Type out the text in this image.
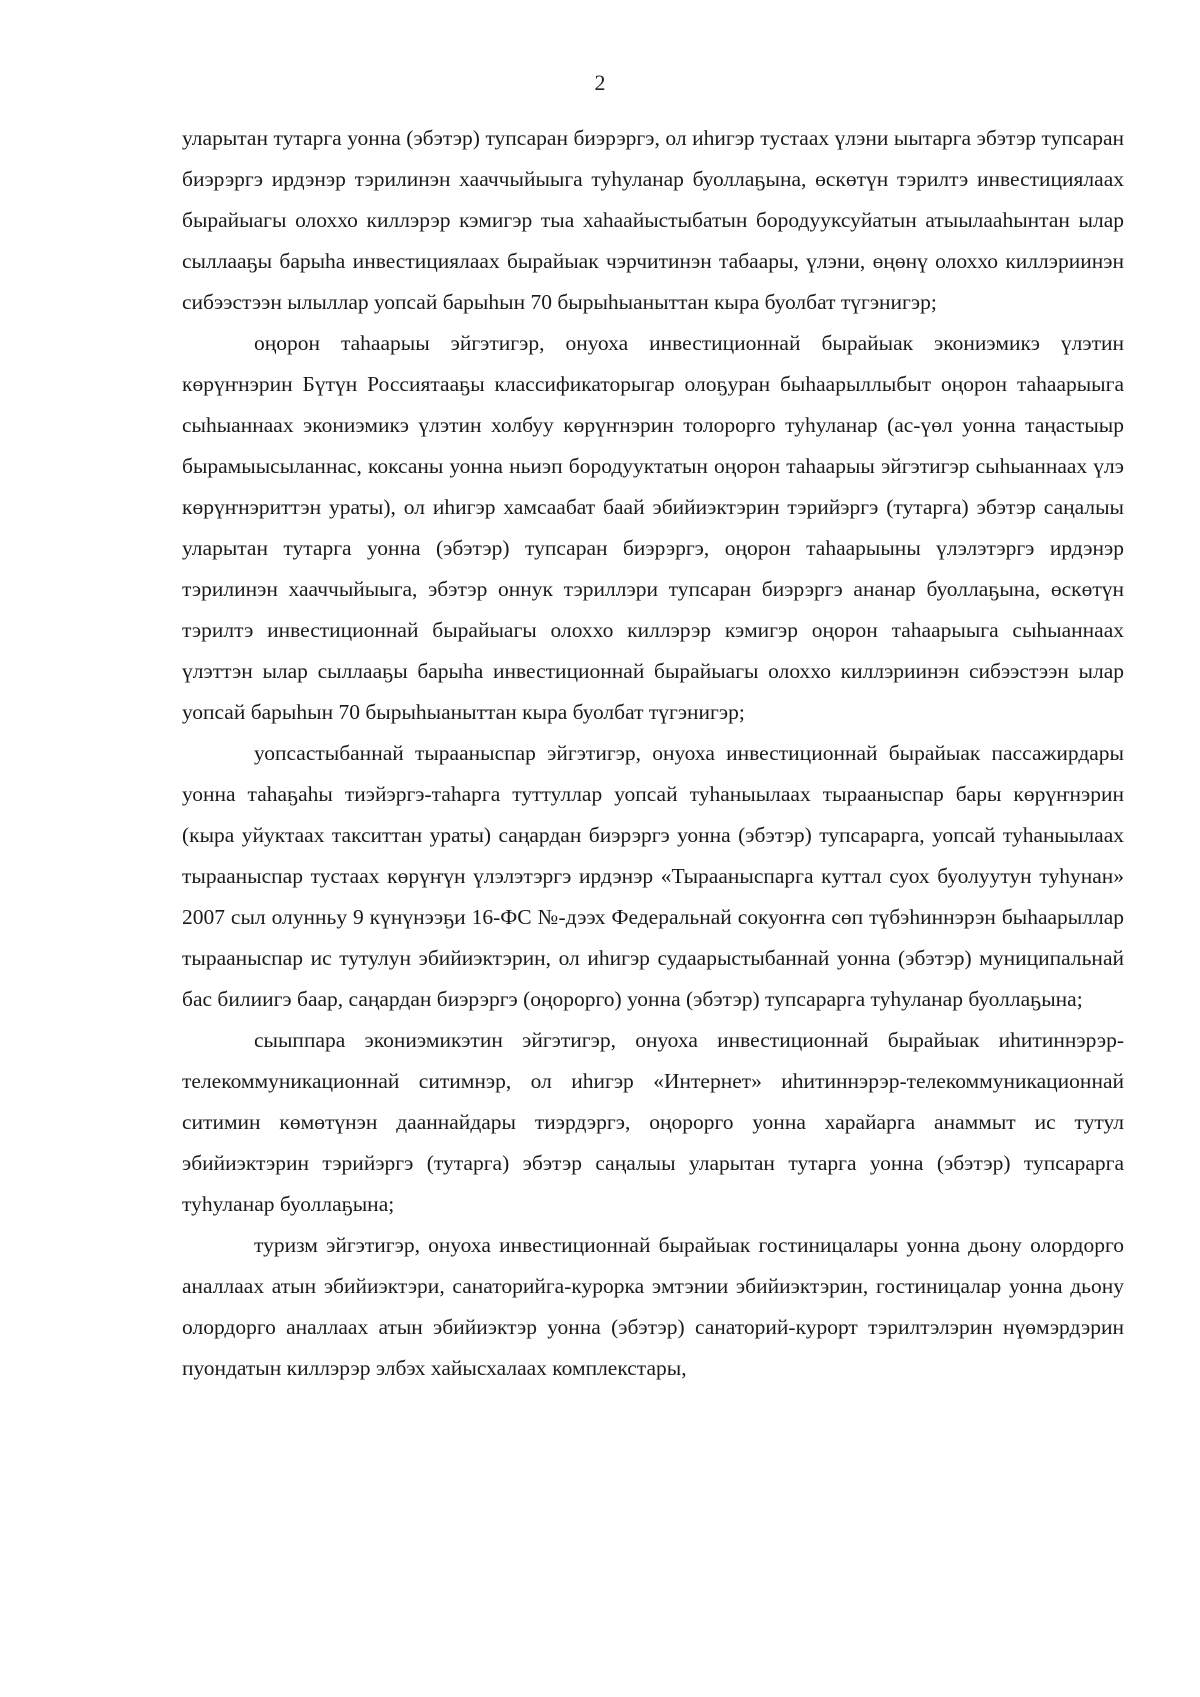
2

уларытан тутарга уонна (эбэтэр) тупсаран биэрэргэ, ол иһигэр тустаах үлэни ыытарга эбэтэр тупсаран биэрэргэ ирдэнэр тэрилинэн хааччыйыыга туһуланар буоллаҕына, өскөтүн тэрилтэ инвестициялаах бырайыагы олоххо киллэрэр кэмигэр тыа хаһаайыстыбатын бородууксуйатын атыылааһынтан ылар сыллааҕы барыһа инвестициялаах бырайыак чэрчитинэн табаары, үлэни, өңөнү олоххо киллэриинэн сибээстээн ылыллар уопсай барыһын 70 бырыһыаныттан кыра буолбат түгэнигэр;

оңорон таһаарыы эйгэтигэр, онуоха инвестиционнай бырайыак экониэмикэ үлэтин көрүҥнэрин Бүтүн Россиятааҕы классификаторыгар олоҕуран быһаарыллыбыт оңорон таһаарыыга сыһыаннаах экониэмикэ үлэтин холбуу көрүҥнэрин толорорго туһуланар (ас-үөл уонна таңастыыр бырамыысыланнас, коксаны уонна ньиэп бородууктатын оңорон таһаарыы эйгэтигэр сыһыаннаах үлэ көрүҥнэриттэн ураты), ол иһигэр хамсаабат баай эбийиэктэрин тэрийэргэ (тутарга) эбэтэр саңалыы уларытан тутарга уонна (эбэтэр) тупсаран биэрэргэ, оңорон таһаарыыны үлэлэтэргэ ирдэнэр тэрилинэн хааччыйыыга, эбэтэр оннук тэриллэри тупсаран биэрэргэ ананар буоллаҕына, өскөтүн тэрилтэ инвестиционнай бырайыагы олоххо киллэрэр кэмигэр оңорон таһаарыыга сыһыаннаах үлэттэн ылар сыллааҕы барыһа инвестиционнай бырайыагы олоххо киллэриинэн сибээстээн ылар уопсай барыһын 70 бырыһыаныттан кыра буолбат түгэнигэр;

уопсастыбаннай тырааныспар эйгэтигэр, онуоха инвестиционнай бырайыак пассажирдары уонна таһаҕаһы тиэйэргэ-таһарга туттуллар уопсай туһаныылаах тырааныспар бары көрүҥнэрин (кыра уйуктаах такситтан ураты) саңардан биэрэргэ уонна (эбэтэр) тупсарарга, уопсай туһаныылаах тырааныспар тустаах көрүҥүн үлэлэтэргэ ирдэнэр «Тырааныспарга куттал суох буолуутун туһунан» 2007 сыл олунньу 9 күнүнээҕи 16-ФС №-дээх Федеральнай сокуоҥҥа сөп түбэһиннэрэн быһаарыллар тырааныспар ис тутулун эбийиэктэрин, ол иһигэр судаарыстыбаннай уонна (эбэтэр) муниципальнай бас билиигэ баар, саңардан биэрэргэ (оңорорго) уонна (эбэтэр) тупсарарга туһуланар буоллаҕына;

сыыппара экониэмикэтин эйгэтигэр, онуоха инвестиционнай бырайыак иһитиннэрэр-телекоммуникационнай ситимнэр, ол иһигэр «Интернет» иһитиннэрэр-телекоммуникационнай ситимин көмөтүнэн дааннайдары тиэрдэргэ, оңорорго уонна харайарга анаммыт ис тутул эбийиэктэрин тэрийэргэ (тутарга) эбэтэр саңалыы уларытан тутарга уонна (эбэтэр) тупсарарга туһуланар буоллаҕына;

туризм эйгэтигэр, онуоха инвестиционнай бырайыак гостиницалары уонна дьону олордорго аналлаах атын эбийиэктэри, санаторийга-курорка эмтэнии эбийиэктэрин, гостиницалар уонна дьону олордорго аналлаах атын эбийиэктэр уонна (эбэтэр) санаторий-курорт тэрилтэлэрин нүөмэрдэрин пуондатын киллэрэр элбэх хайысхалаах комплекстары,
